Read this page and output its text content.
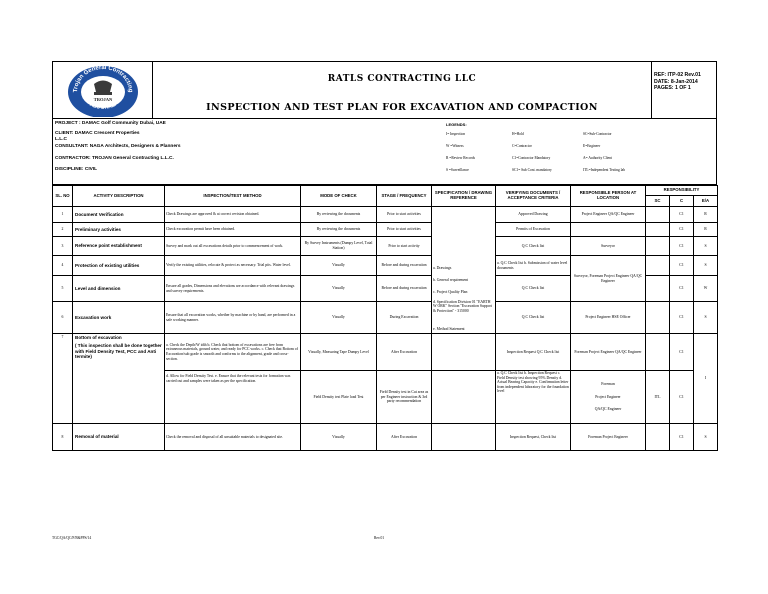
Trojan General Contracting
ABU DHABI
TROJAN
RATLS CONTRACTING LLC
INSPECTION AND TEST PLAN FOR EXCAVATION AND COMPACTION
REF: ITP-02 Rev.01
DATE: 8-Jan-2014
PAGES: 1 OF 1
PROJECT : DAMAC Golf Community Dubai, UAE
CLIENT: DAMAC Crescent Properties
L.L.C
CONSULTANT: NAGA Architects, Designers & Planners
CONTRACTOR: TROJAN General Contracting L.L.C.
DISCIPLINE: CIVIL
LEGENDS:
I= Inspection	H=Hold	SC=Sub-Contractor
W =Witness	C=Contractor	E=Engineer
R =Review Records	C1=Contractor Mandatory	A= Authority Client
S =Surveillance	SC1= Sub Cont. mandatory	ITL=Independent Testing lab
SL. NO	ACTIVITY DESCRIPTION	INSPECTION/TEST METHOD	MODE OF CHECK	STAGE / FREQUENCY	SPECIFICATION / DRAWING REFERENCE	VERIFYING DOCUMENTS / ACCEPTANCE CRITERIA	RESPONSIBLE PERSON AT LOCATION	RESPONSIBILITY		
								SC	C	E/A
1	Document Verification	Check Drawings are approved & at correct revision obtained.	By reviewing the documents	Prior to start activities	a. Drawings
b. General requirement
c. Project Quality Plan
d. Specification Division 01 "EARTH W ORK" Section "Excavation Support & Protection" - 315000
e. Method Statement	Approved Drawing	Project Engineer QA/QC Engineer		C1	R
2	Preliminary activities	Check excavation permit have been obtained.	By reviewing the documents	Prior to start activities		Permits of Excavation			C1	R
3	Reference point establishment	Survey and mark out all excavations details prior to commencement of work.	By Survey Instruments (Dumpy Level, Total Station)	Prior to start activity		Q.C Check list	Surveyor		C1	S
4	Protection of existing utilities	Verify the existing utilities, relocate & protect as necessary. Trial pits. Water level.	Visually	Before and during excavation		a. Q.C Check list b. Submission of water level documents	Surveyor, Foreman Project Engineer QA/QC Engineer		C1	S
5	Level and dimension	Ensure all grades, Dimensions and elevations are accordance with relevant drawings and survey requirements.	Visually	Before and during excavation		Q.C Check list			C1	W
6	Excavation work	Ensure that all excavation works, whether by machine or by hand, are performed in a safe working manner.	Visually	During Excavation		Q.C Check list	Project Engineer HSE Officer		C1	S
7	Bottom of excavation
( This inspection shall be done together with Field Density Test, PCC and Anti termite)	a. Check the Depth/W idth b. Check that bottom of excavations are free from extraneous materials, ground water, and ready for PCC works. c. Check that Bottom of Excavation/sub grade is smooth and conforms to the alignment, grade and cross-section.	Visually, Measuring Tape Dumpy Level	After Excavation		Inspection Request Q.C Check list	Foreman Project Engineer QA/QC Engineer		C1	I
		d. Allow for Field Density Test. e. Ensure that the relevant tests for formation was carried out and samples were taken as per the specification.	Field Density test Plate load Test	Field Density test in Cut area as per Engineer instruction & 3rd party recommendation		a. Q.C Check list b. Inspection Request c. Field Density test showing 95% Density d. Actual Bearing Capacity e. Confirmation letter from independent laboratory for the foundation level	Foreman
Project Engineer
QA/QC Engineer	ITL	C1	
8	Removal of material	Check the removal and disposal of all unsuitable materials to designated site.	Visually	After Excavation		Inspection Request, Check list	Foreman Project Engineer		C1	S
TGC/QA/QC/F/B&PPS/14	Rev.01
